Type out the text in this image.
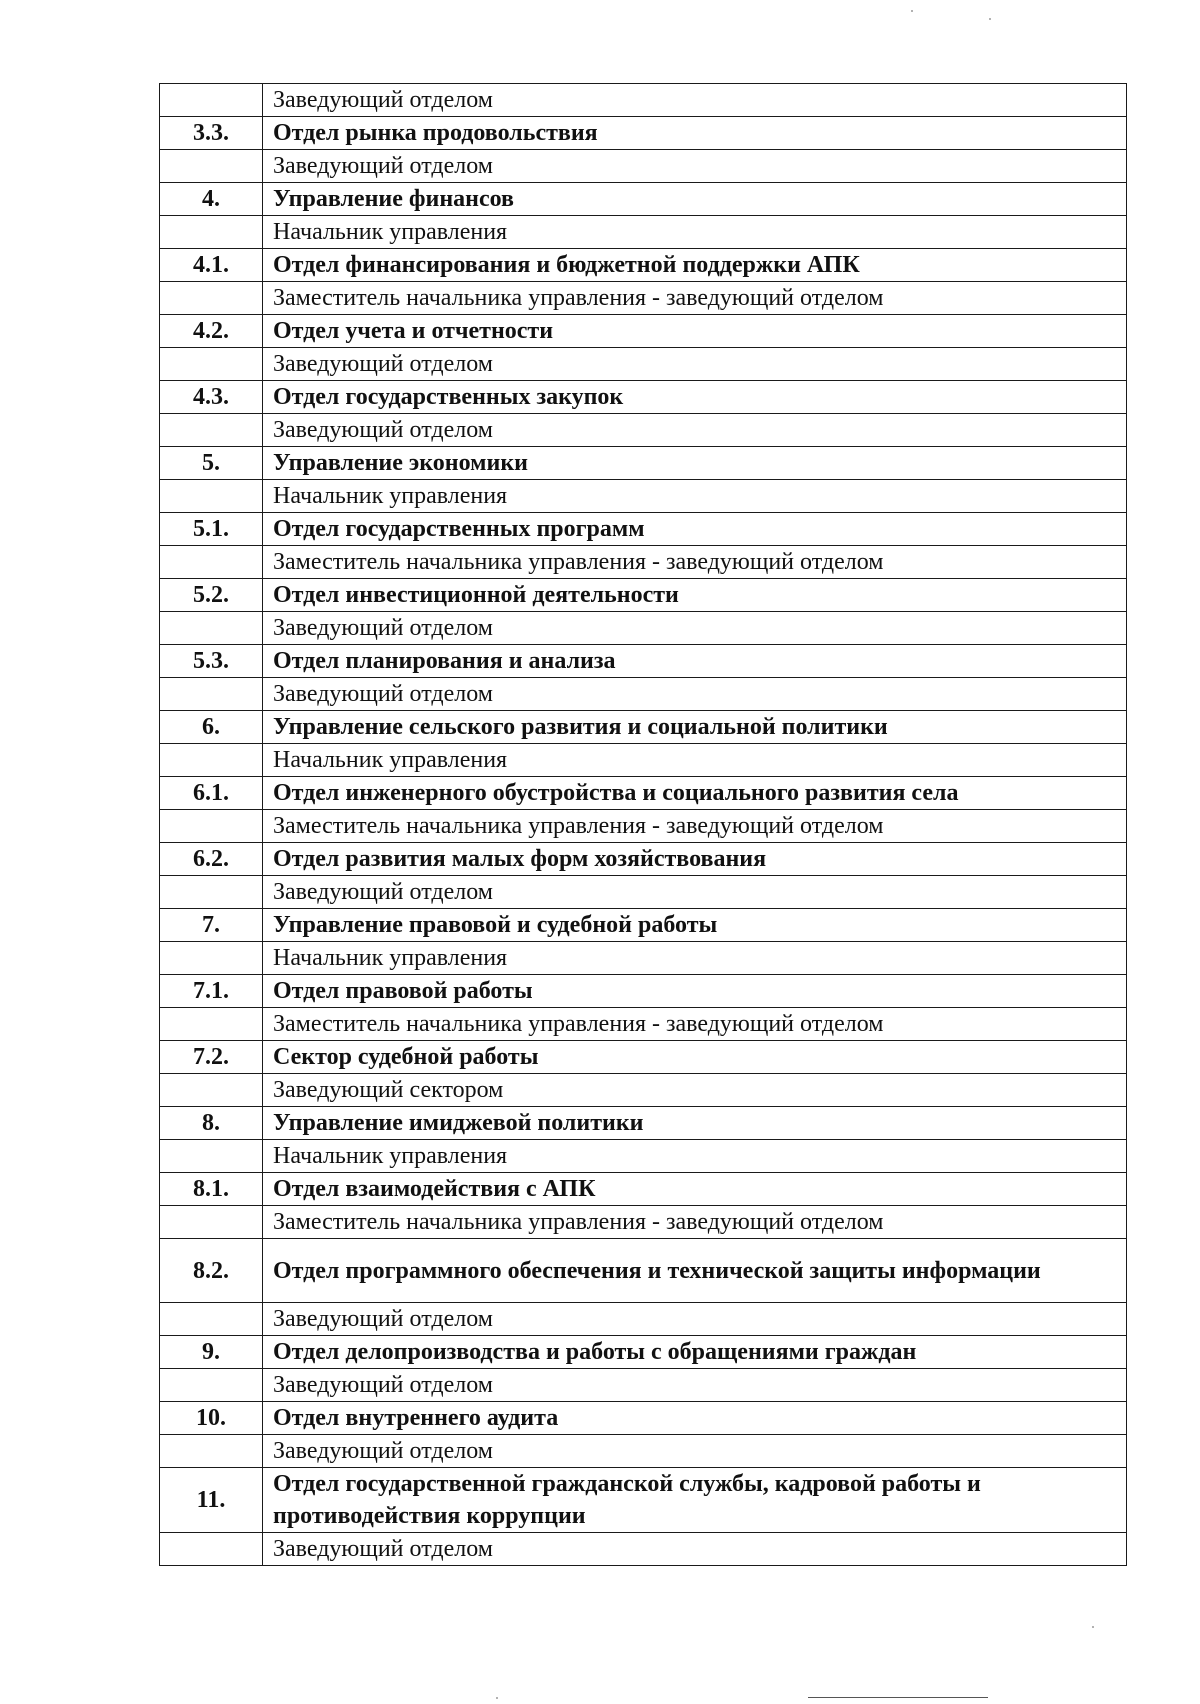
	Заведующий отделом
3.3.	Отдел рынка продовольствия
	Заведующий отделом
4.	Управление финансов
	Начальник управления
4.1.	Отдел финансирования и бюджетной поддержки АПК
	Заместитель начальника управления - заведующий отделом
4.2.	Отдел учета и отчетности
	Заведующий отделом
4.3.	Отдел государственных закупок
	Заведующий отделом
5.	Управление экономики
	Начальник управления
5.1.	Отдел государственных программ
	Заместитель начальника управления - заведующий отделом
5.2.	Отдел инвестиционной деятельности
	Заведующий отделом
5.3.	Отдел планирования и анализа
	Заведующий отделом
6.	Управление сельского развития и социальной политики
	Начальник управления
6.1.	Отдел инженерного обустройства и социального развития села
	Заместитель начальника управления - заведующий отделом
6.2.	Отдел развития малых форм хозяйствования
	Заведующий отделом
7.	Управление правовой и судебной работы
	Начальник управления
7.1.	Отдел правовой работы
	Заместитель начальника управления - заведующий отделом
7.2.	Сектор судебной работы
	Заведующий сектором
8.	Управление имиджевой политики
	Начальник управления
8.1.	Отдел взаимодействия с АПК
	Заместитель начальника управления - заведующий отделом
8.2.	Отдел программного обеспечения и технической защиты информации
	Заведующий отделом
9.	Отдел делопроизводства и работы с обращениями граждан
	Заведующий отделом
10.	Отдел внутреннего аудита
	Заведующий отделом
11.	Отдел государственной гражданской службы, кадровой работы и противодействия коррупции
	Заведующий отделом
